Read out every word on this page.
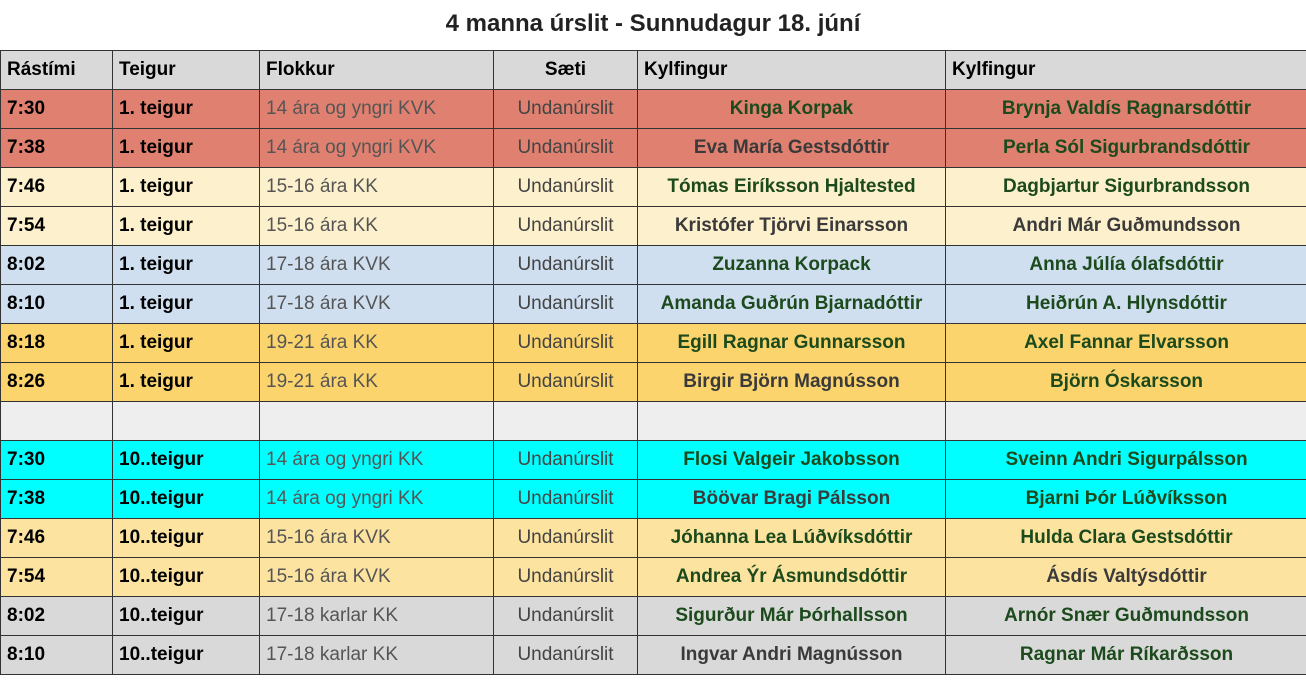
4 manna úrslit - Sunnudagur 18. júní
Rástími	Teigur	Flokkur	Sæti	Kylfingur	Kylfingur
7:30	1. teigur	14 ára og yngri KVK	Undanúrslit	Kinga Korpak	Brynja Valdís Ragnarsdóttir
7:38	1. teigur	14 ára og yngri KVK	Undanúrslit	Eva María Gestsdóttir	Perla Sól Sigurbrandsdóttir
7:46	1. teigur	15-16 ára KK	Undanúrslit	Tómas Eiríksson Hjaltested	Dagbjartur Sigurbrandsson
7:54	1. teigur	15-16 ára KK	Undanúrslit	Kristófer Tjörvi Einarsson	Andri Már Guðmundsson
8:02	1. teigur	17-18 ára KVK	Undanúrslit	Zuzanna Korpack	Anna Júlía ólafsdóttir
8:10	1. teigur	17-18 ára KVK	Undanúrslit	Amanda Guðrún Bjarnadóttir	Heiðrún A. Hlynsdóttir
8:18	1. teigur	19-21 ára KK	Undanúrslit	Egill Ragnar Gunnarsson	Axel Fannar Elvarsson
8:26	1. teigur	19-21 ára KK	Undanúrslit	Birgir Björn Magnússon	Björn Óskarsson

7:30	10..teigur	14 ára og yngri KK	Undanúrslit	Flosi Valgeir Jakobsson	Sveinn Andri Sigurpálsson
7:38	10..teigur	14 ára og yngri KK	Undanúrslit	Böövar Bragi Pálsson	Bjarni Þór Lúðvíksson
7:46	10..teigur	15-16 ára KVK	Undanúrslit	Jóhanna Lea Lúðvíksdóttir	Hulda Clara Gestsdóttir
7:54	10..teigur	15-16 ára KVK	Undanúrslit	Andrea Ýr Ásmundsdóttir	Ásdís Valtýsdóttir
8:02	10..teigur	17-18 karlar KK	Undanúrslit	Sigurður Már Þórhallsson	Arnór Snær Guðmundsson
8:10	10..teigur	17-18 karlar KK	Undanúrslit	Ingvar Andri Magnússon	Ragnar Már Ríkarðsson
